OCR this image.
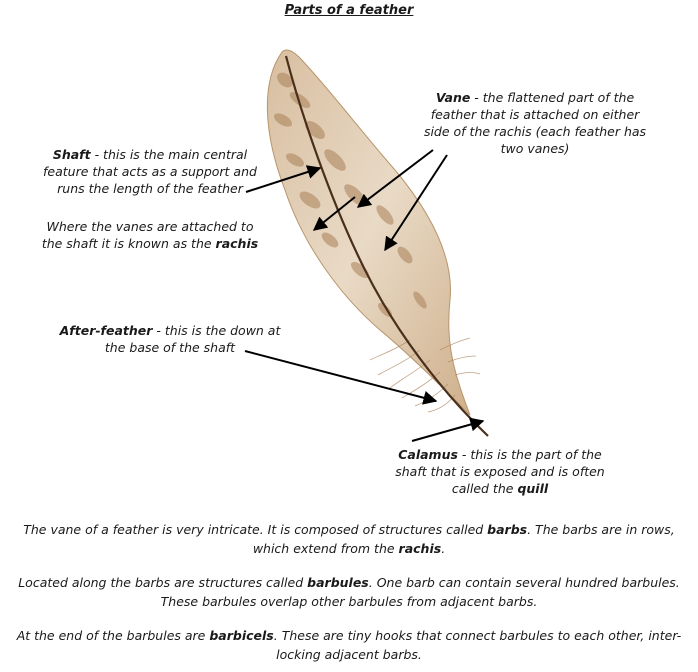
Parts of a feather
Shaft - this is the main central
feature that acts as a support and
runs the length of the feather
Where the vanes are attached to
the shaft it is known as the rachis
Vane - the flattened part of the
feather that is attached on either
side of the rachis (each feather has
two vanes)
After-feather - this is the down at
the base of the shaft
Calamus - this is the part of the
shaft that is exposed and is often
called the quill
The vane of a feather is very intricate. It is composed of structures called barbs. The barbs are in rows,
which extend from the rachis.
Located along the barbs are structures called barbules. One barb can contain several hundred barbules.
These barbules overlap other barbules from adjacent barbs.
At the end of the barbules are barbicels. These are tiny hooks that connect barbules to each other, inter-
locking adjacent barbs.
